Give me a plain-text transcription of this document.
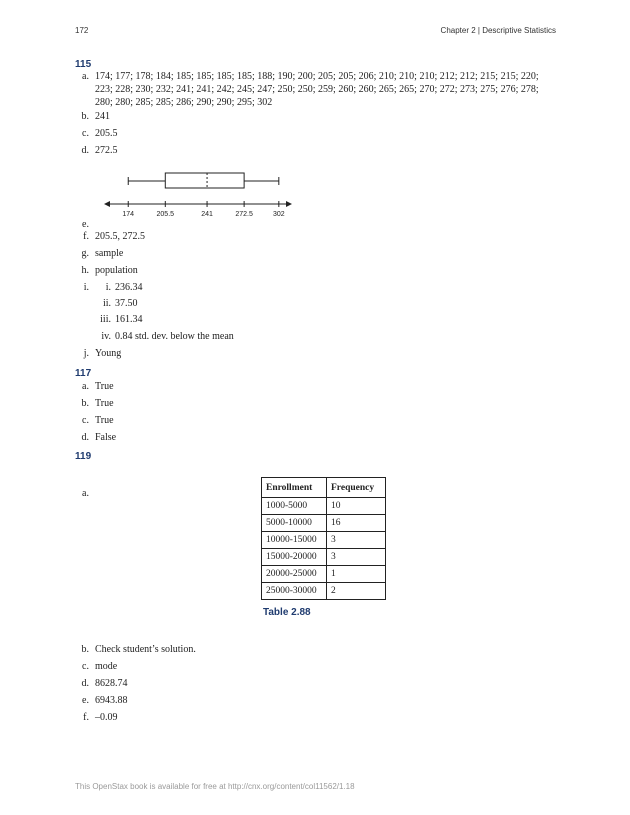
172	Chapter 2 | Descriptive Statistics
115
a. 174; 177; 178; 184; 185; 185; 185; 185; 188; 190; 200; 205; 205; 206; 210; 210; 210; 212; 212; 215; 215; 220; 223; 228; 230; 232; 241; 241; 242; 245; 247; 250; 250; 259; 260; 260; 265; 265; 270; 272; 273; 275; 276; 278; 280; 280; 285; 285; 286; 290; 290; 295; 302
b. 241
c. 205.5
d. 272.5
174	205.5	241	272.5	302
e.
f. 205.5, 272.5
g. sample
h. population
i.	i. 236.34
ii. 37.50
iii. 161.34
iv. 0.84 std. dev. below the mean
j. Young
117
a. True
b. True
c. True
d. False
119
a.
Enrollment	Frequency
1000-5000	10
5000-10000	16
10000-15000	3
15000-20000	3
20000-25000	1
25000-30000	2
Table 2.88
b. Check student’s solution.
c. mode
d. 8628.74
e. 6943.88
f. –0.09
This OpenStax book is available for free at http://cnx.org/content/col11562/1.18
